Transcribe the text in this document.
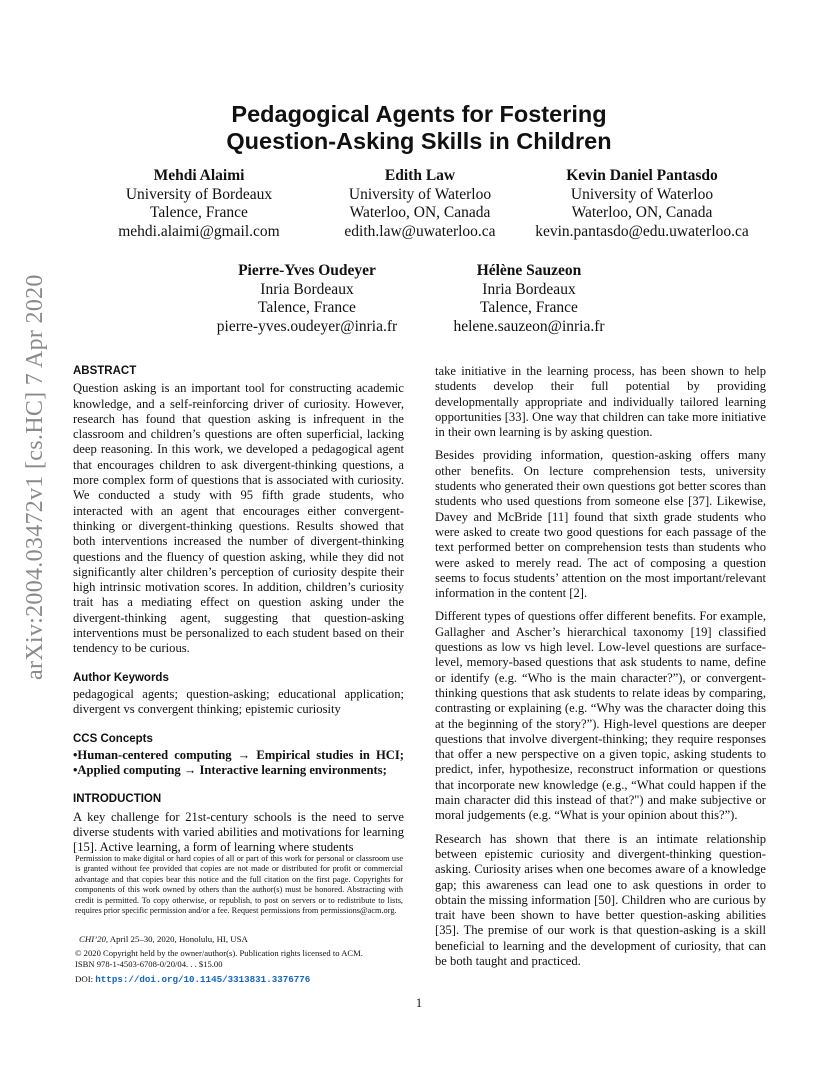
arXiv:2004.03472v1 [cs.HC] 7 Apr 2020
Pedagogical Agents for Fostering
Question-Asking Skills in Children
Mehdi Alaimi
University of Bordeaux
Talence, France
mehdi.alaimi@gmail.com
Edith Law
University of Waterloo
Waterloo, ON, Canada
edith.law@uwaterloo.ca
Kevin Daniel Pantasdo
University of Waterloo
Waterloo, ON, Canada
kevin.pantasdo@edu.uwaterloo.ca
Pierre-Yves Oudeyer
Inria Bordeaux
Talence, France
pierre-yves.oudeyer@inria.fr
Hélène Sauzeon
Inria Bordeaux
Talence, France
helene.sauzeon@inria.fr
ABSTRACT

Question asking is an important tool for constructing academic knowledge, and a self-reinforcing driver of curiosity. However, research has found that question asking is infrequent in the classroom and children’s questions are often superficial, lacking deep reasoning. In this work, we developed a pedagogical agent that encourages children to ask divergent-thinking questions, a more complex form of questions that is associated with curiosity. We conducted a study with 95 fifth grade students, who interacted with an agent that encourages either convergent-thinking or divergent-thinking questions. Results showed that both interventions increased the number of divergent-thinking questions and the fluency of question asking, while they did not significantly alter children’s perception of curiosity despite their high intrinsic motivation scores. In addition, children’s curiosity trait has a mediating effect on question asking under the divergent-thinking agent, suggesting that question-asking interventions must be personalized to each student based on their tendency to be curious.

Author Keywords

pedagogical agents; question-asking; educational application; divergent vs convergent thinking; epistemic curiosity

CCS Concepts

•Human-centered computing → Empirical studies in HCI; •Applied computing → Interactive learning environments;

INTRODUCTION

A key challenge for 21st-century schools is the need to serve diverse students with varied abilities and motivations for learning [15]. Active learning, a form of learning where students

Permission to make digital or hard copies of all or part of this work for personal or classroom use is granted without fee provided that copies are not made or distributed for profit or commercial advantage and that copies bear this notice and the full citation on the first page. Copyrights for components of this work owned by others than the author(s) must be honored. Abstracting with credit is permitted. To copy otherwise, or republish, to post on servers or to redistribute to lists, requires prior specific permission and/or a fee. Request permissions from permissions@acm.org.
CHI’20, April 25–30, 2020, Honolulu, HI, USA
© 2020 Copyright held by the owner/author(s). Publication rights licensed to ACM.
ISBN 978-1-4503-6708-0/20/04. . . $15.00
DOI: https://doi.org/10.1145/3313831.3376776

take initiative in the learning process, has been shown to help students develop their full potential by providing developmentally appropriate and individually tailored learning opportunities [33]. One way that children can take more initiative in their own learning is by asking question.

Besides providing information, question-asking offers many other benefits. On lecture comprehension tests, university students who generated their own questions got better scores than students who used questions from someone else [37]. Likewise, Davey and McBride [11] found that sixth grade students who were asked to create two good questions for each passage of the text performed better on comprehension tests than students who were asked to merely read. The act of composing a question seems to focus students’ attention on the most important/relevant information in the content [2].

Different types of questions offer different benefits. For example, Gallagher and Ascher’s hierarchical taxonomy [19] classified questions as low vs high level. Low-level questions are surface-level, memory-based questions that ask students to name, define or identify (e.g. “Who is the main character?”), or convergent-thinking questions that ask students to relate ideas by comparing, contrasting or explaining (e.g. “Why was the character doing this at the beginning of the story?”). High-level questions are deeper questions that involve divergent-thinking; they require responses that offer a new perspective on a given topic, asking students to predict, infer, hypothesize, reconstruct information or questions that incorporate new knowledge (e.g., “What could happen if the main character did this instead of that?") and make subjective or moral judgements (e.g. “What is your opinion about this?”).

Research has shown that there is an intimate relationship between epistemic curiosity and divergent-thinking question-asking. Curiosity arises when one becomes aware of a knowledge gap; this awareness can lead one to ask questions in order to obtain the missing information [50]. Children who are curious by trait have been shown to have better question-asking abilities [35]. The premise of our work is that question-asking is a skill beneficial to learning and the development of curiosity, that can be both taught and practiced.

1
